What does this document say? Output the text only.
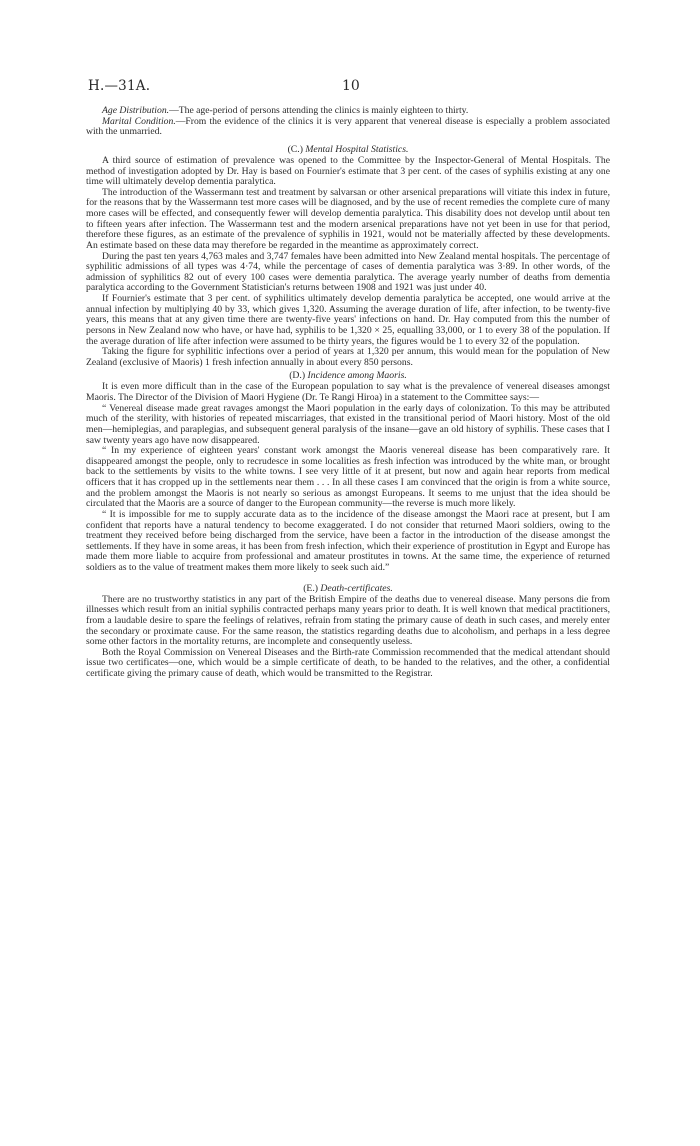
H.—31A.	10

Age Distribution.—The age-period of persons attending the clinics is mainly eighteen to thirty.

Marital Condition.—From the evidence of the clinics it is very apparent that venereal disease is especially a problem associated with the unmarried.

(C.) Mental Hospital Statistics.

A third source of estimation of prevalence was opened to the Committee by the Inspector-General of Mental Hospitals. The method of investigation adopted by Dr. Hay is based on Fournier's estimate that 3 per cent. of the cases of syphilis existing at any one time will ultimately develop dementia paralytica.

The introduction of the Wassermann test and treatment by salvarsan or other arsenical preparations will vitiate this index in future, for the reasons that by the Wassermann test more cases will be diagnosed, and by the use of recent remedies the complete cure of many more cases will be effected, and consequently fewer will develop dementia paralytica. This disability does not develop until about ten to fifteen years after infection. The Wassermann test and the modern arsenical preparations have not yet been in use for that period, therefore these figures, as an estimate of the prevalence of syphilis in 1921, would not be materially affected by these developments. An estimate based on these data may therefore be regarded in the meantime as approximately correct.

During the past ten years 4,763 males and 3,747 females have been admitted into New Zealand mental hospitals. The percentage of syphilitic admissions of all types was 4·74, while the percentage of cases of dementia paralytica was 3·89. In other words, of the admission of syphilitics 82 out of every 100 cases were dementia paralytica. The average yearly number of deaths from dementia paralytica according to the Government Statistician's returns between 1908 and 1921 was just under 40.

If Fournier's estimate that 3 per cent. of syphilitics ultimately develop dementia paralytica be accepted, one would arrive at the annual infection by multiplying 40 by 33, which gives 1,320. Assuming the average duration of life, after infection, to be twenty-five years, this means that at any given time there are twenty-five years' infections on hand. Dr. Hay computed from this the number of persons in New Zealand now who have, or have had, syphilis to be 1,320 × 25, equalling 33,000, or 1 to every 38 of the population. If the average duration of life after infection were assumed to be thirty years, the figures would be 1 to every 32 of the population.

Taking the figure for syphilitic infections over a period of years at 1,320 per annum, this would mean for the population of New Zealand (exclusive of Maoris) 1 fresh infection annually in about every 850 persons.

(D.) Incidence among Maoris.

It is even more difficult than in the case of the European population to say what is the prevalence of venereal diseases amongst Maoris. The Director of the Division of Maori Hygiene (Dr. Te Rangi Hiroa) in a statement to the Committee says:—

“ Venereal disease made great ravages amongst the Maori population in the early days of colonization. To this may be attributed much of the sterility, with histories of repeated miscarriages, that existed in the transitional period of Maori history. Most of the old men—hemiplegias, and paraplegias, and subsequent general paralysis of the insane—gave an old history of syphilis. These cases that I saw twenty years ago have now disappeared.

“ In my experience of eighteen years' constant work amongst the Maoris venereal disease has been comparatively rare. It disappeared amongst the people, only to recrudesce in some localities as fresh infection was introduced by the white man, or brought back to the settlements by visits to the white towns. I see very little of it at present, but now and again hear reports from medical officers that it has cropped up in the settlements near them . . . In all these cases I am convinced that the origin is from a white source, and the problem amongst the Maoris is not nearly so serious as amongst Europeans. It seems to me unjust that the idea should be circulated that the Maoris are a source of danger to the European community—the reverse is much more likely.

“ It is impossible for me to supply accurate data as to the incidence of the disease amongst the Maori race at present, but I am confident that reports have a natural tendency to become exaggerated. I do not consider that returned Maori soldiers, owing to the treatment they received before being discharged from the service, have been a factor in the introduction of the disease amongst the settlements. If they have in some areas, it has been from fresh infection, which their experience of prostitution in Egypt and Europe has made them more liable to acquire from professional and amateur prostitutes in towns. At the same time, the experience of returned soldiers as to the value of treatment makes them more likely to seek such aid.”

(E.) Death-certificates.

There are no trustworthy statistics in any part of the British Empire of the deaths due to venereal disease. Many persons die from illnesses which result from an initial syphilis contracted perhaps many years prior to death. It is well known that medical practitioners, from a laudable desire to spare the feelings of relatives, refrain from stating the primary cause of death in such cases, and merely enter the secondary or proximate cause. For the same reason, the statistics regarding deaths due to alcoholism, and perhaps in a less degree some other factors in the mortality returns, are incomplete and consequently useless.

Both the Royal Commission on Venereal Diseases and the Birth-rate Commission recommended that the medical attendant should issue two certificates—one, which would be a simple certificate of death, to be handed to the relatives, and the other, a confidential certificate giving the primary cause of death, which would be transmitted to the Registrar.
